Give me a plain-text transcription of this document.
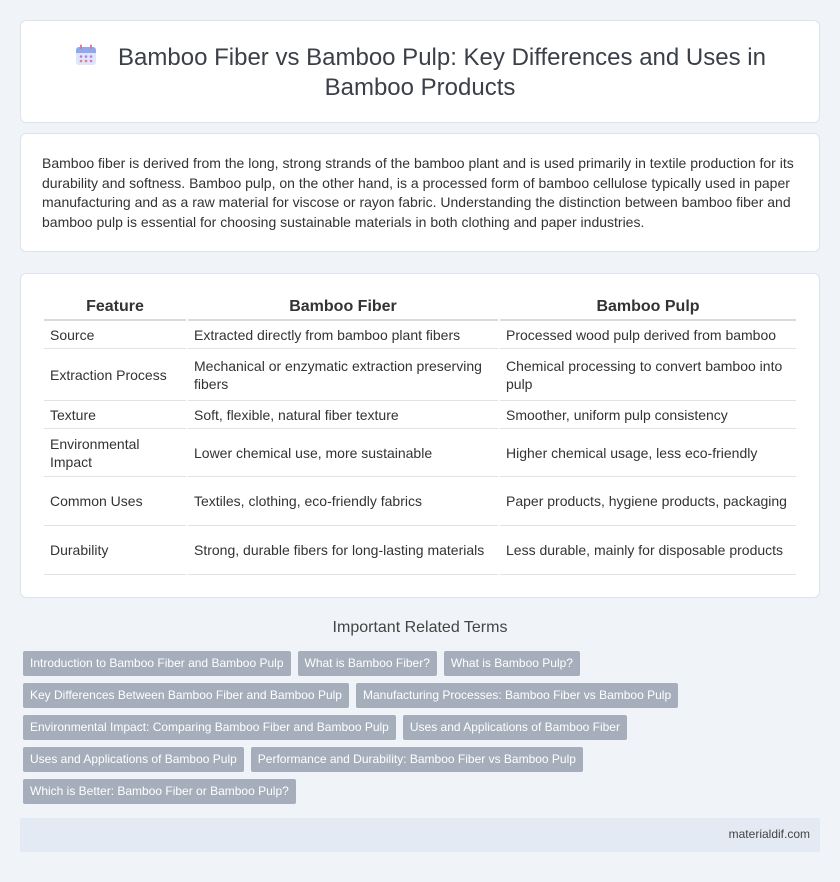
Bamboo Fiber vs Bamboo Pulp: Key Differences and Uses in Bamboo Products

Bamboo fiber is derived from the long, strong strands of the bamboo plant and is used primarily in textile production for its durability and softness. Bamboo pulp, on the other hand, is a processed form of bamboo cellulose typically used in paper manufacturing and as a raw material for viscose or rayon fabric. Understanding the distinction between bamboo fiber and bamboo pulp is essential for choosing sustainable materials in both clothing and paper industries.

Feature	Bamboo Fiber	Bamboo Pulp
Source	Extracted directly from bamboo plant fibers	Processed wood pulp derived from bamboo
Extraction Process	Mechanical or enzymatic extraction preserving fibers	Chemical processing to convert bamboo into pulp
Texture	Soft, flexible, natural fiber texture	Smoother, uniform pulp consistency
Environmental Impact	Lower chemical use, more sustainable	Higher chemical usage, less eco-friendly
Common Uses	Textiles, clothing, eco-friendly fabrics	Paper products, hygiene products, packaging
Durability	Strong, durable fibers for long-lasting materials	Less durable, mainly for disposable products
Important Related Terms
Introduction to Bamboo Fiber and Bamboo Pulp	What is Bamboo Fiber?	What is Bamboo Pulp?
Key Differences Between Bamboo Fiber and Bamboo Pulp	Manufacturing Processes: Bamboo Fiber vs Bamboo Pulp
Environmental Impact: Comparing Bamboo Fiber and Bamboo Pulp	Uses and Applications of Bamboo Fiber
Uses and Applications of Bamboo Pulp	Performance and Durability: Bamboo Fiber vs Bamboo Pulp
Which is Better: Bamboo Fiber or Bamboo Pulp?
materialdif.com
